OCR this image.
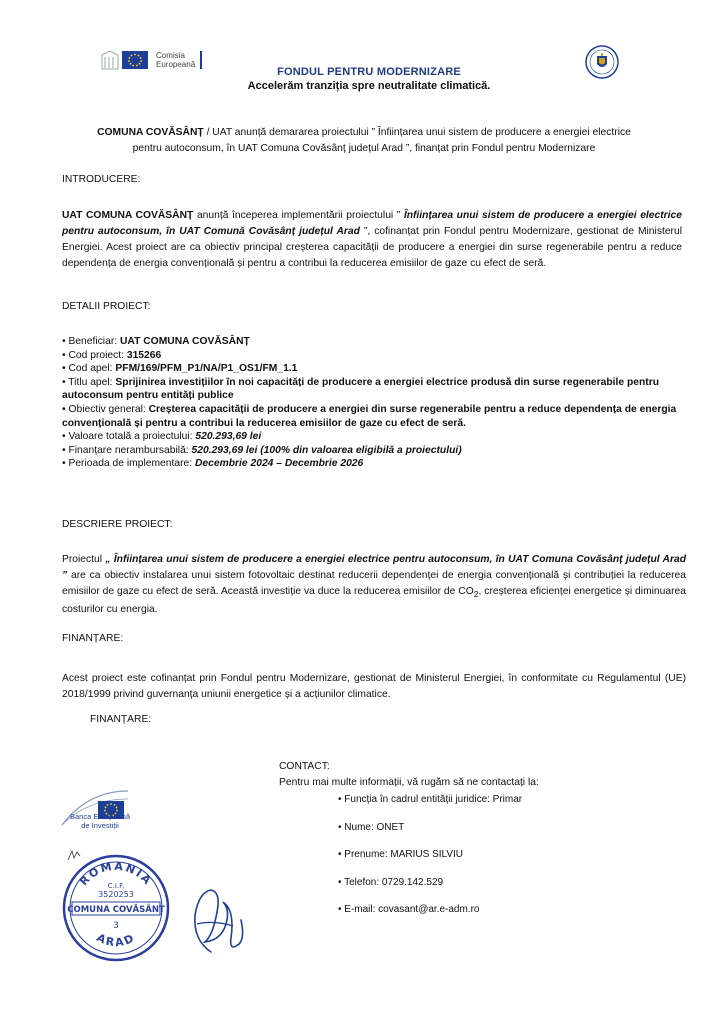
Comisia
Europeană
FONDUL PENTRU MODERNIZARE
Accelerăm tranziția spre neutralitate climatică.

COMUNA COVĂSÂNȚ / UAT anunță demararea proiectului ” Înființarea unui sistem de producere a energiei electrice pentru autoconsum, în UAT Comuna Covăsânț județul Arad ”, finanțat prin Fondul pentru Modernizare

INTRODUCERE:

UAT COMUNA COVĂSÂNȚ anunță începerea implementării proiectului ” Înființarea unui sistem de producere a energiei electrice pentru autoconsum, în UAT Comună Covăsânț județul Arad ”, cofinanțat prin Fondul pentru Modernizare, gestionat de Ministerul Energiei. Acest proiect are ca obiectiv principal creșterea capacității de producere a energiei din surse regenerabile pentru a reduce dependența de energia convențională și pentru a contribui la reducerea emisiilor de gaze cu efect de seră.

DETALII PROIECT:
• Beneficiar: UAT COMUNA COVĂSÂNȚ
• Cod proiect: 315266
• Cod apel: PFM/169/PFM_P1/NA/P1_OS1/FM_1.1
• Titlu apel: Sprijinirea investițiilor în noi capacități de producere a energiei electrice produsă din surse regenerabile pentru autoconsum pentru entități publice
• Obiectiv general: Creșterea capacității de producere a energiei din surse regenerabile pentru a reduce dependența de energia convențională și pentru a contribui la reducerea emisiilor de gaze cu efect de seră.
• Valoare totală a proiectului: 520.293,69 lei
• Finanțare nerambursabilă: 520.293,69 lei (100% din valoarea eligibilă a proiectului)
• Perioada de implementare: Decembrie 2024 – Decembrie 2026
DESCRIERE PROIECT:

Proiectul „ Înființarea unui sistem de producere a energiei electrice pentru autoconsum, în UAT Comuna Covăsânț județul Arad ” are ca obiectiv instalarea unui sistem fotovoltaic destinat reducerii dependenței de energia convențională și contribuției la reducerea emisiilor de gaze cu efect de seră. Această investiție va duce la reducerea emisiilor de $CO_2$, creșterea eficienței energetice și diminuarea costurilor cu energia.

FINANȚARE:

Acest proiect este cofinanțat prin Fondul pentru Modernizare, gestionat de Ministerul Energiei, în conformitate cu Regulamentul (UE) 2018/1999 privind guvernanța uniunii energetice și a acțiunilor climatice.

FINANȚARE:
Banca Europeană
de Investiții
ROMANIA
C.I.F.
3520253
COMUNA COVĂSÂNȚ
3
ARAD
CONTACT:
Pentru mai multe informații, vă rugăm să ne contactați la:
• Funcția în cadrul entității juridice: Primar
• Nume: ONET
• Prenume: MARIUS SILVIU
• Telefon: 0729.142.529
• E-mail: covasant@ar.e-adm.ro
